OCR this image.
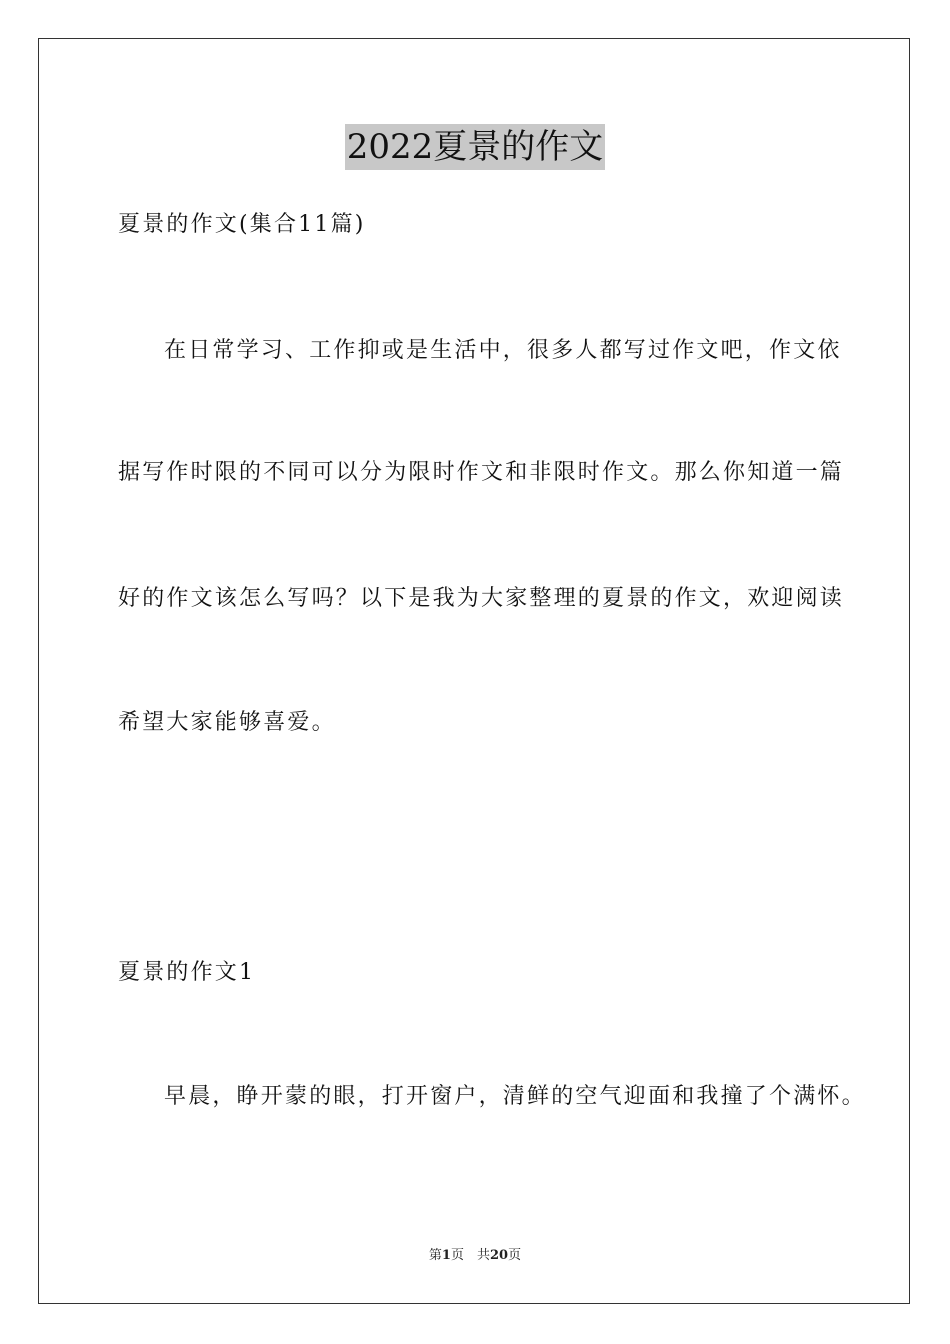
2022夏景的作文
夏景的作文(集合11篇)
在日常学习、工作抑或是生活中，很多人都写过作文吧，作文依
据写作时限的不同可以分为限时作文和非限时作文。那么你知道一篇
好的作文该怎么写吗？以下是我为大家整理的夏景的作文，欢迎阅读
希望大家能够喜爱。
夏景的作文1
早晨，睁开蒙的眼，打开窗户，清鲜的空气迎面和我撞了个满怀。
第1页　共20页
